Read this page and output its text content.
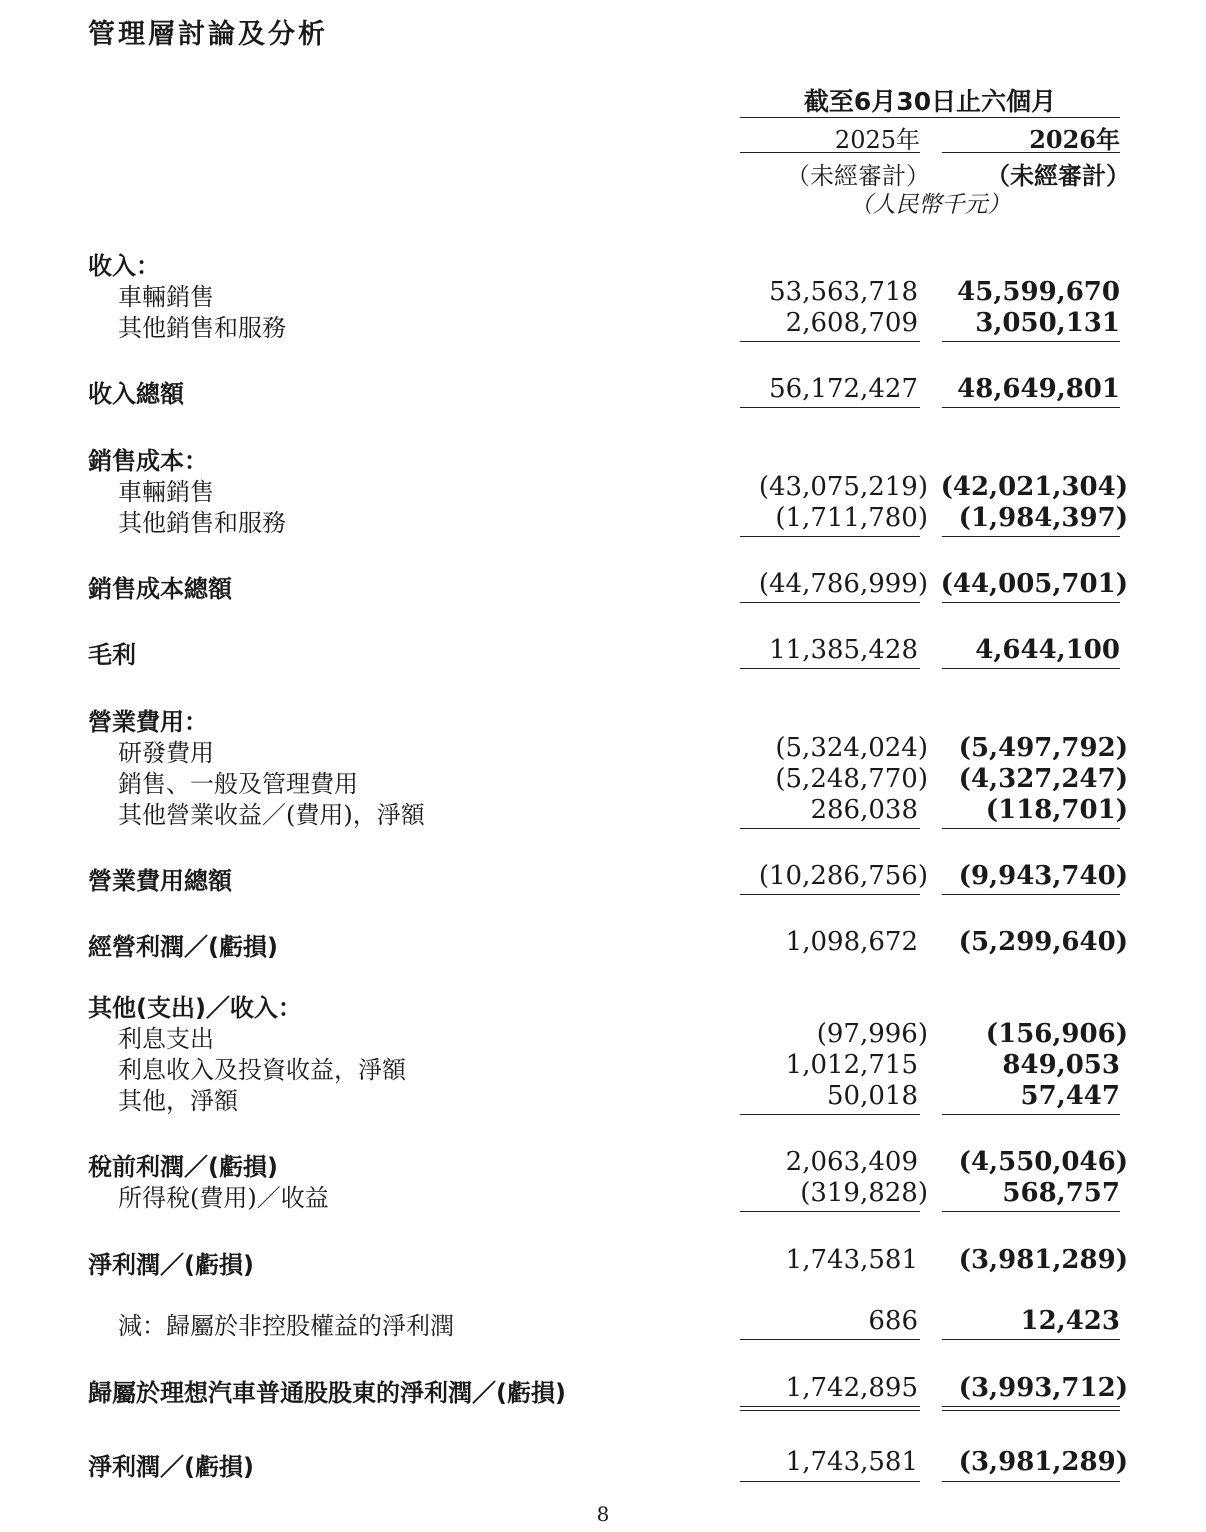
管理層討論及分析
截至6月30日止六個月
2025年	2026年
（未經審計） （未經審計）
（人民幣千元）
收入：
車輛銷售	53,563,718 45,599,670
其他銷售和服務	2,608,709 3,050,131
收入總額	56,172,427 48,649,801
銷售成本：
車輛銷售	(43,075,219) (42,021,304)
其他銷售和服務	(1,711,780) (1,984,397)
銷售成本總額	(44,786,999) (44,005,701)
毛利	11,385,428 4,644,100
營業費用：
研發費用	(5,324,024) (5,497,792)
銷售、一般及管理費用	(5,248,770) (4,327,247)
其他營業收益／(費用)，淨額	286,038	(118,701)
營業費用總額	(10,286,756) (9,943,740)
經營利潤／(虧損)	1,098,672 (5,299,640)
其他(支出)／收入：
利息支出	(97,996) (156,906)
利息收入及投資收益，淨額	1,012,715	849,053
其他，淨額	50,018	57,447
稅前利潤／(虧損)	2,063,409 (4,550,046)
所得稅(費用)／收益	(319,828)	568,757
淨利潤／(虧損)	1,743,581 (3,981,289)
減：歸屬於非控股權益的淨利潤	686	12,423
歸屬於理想汽車普通股股東的淨利潤／(虧損)	1,742,895 (3,993,712)
淨利潤／(虧損)	1,743,581 (3,981,289)
8
